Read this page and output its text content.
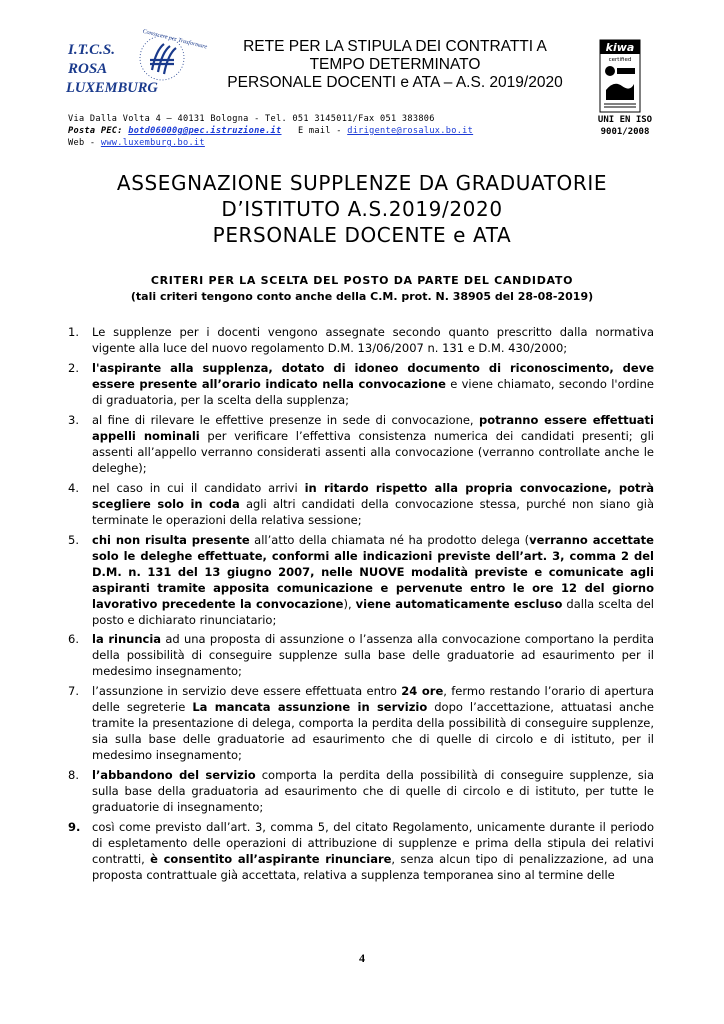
I.T.C.S.
ROSA
LUXEMBURG
Conoscere per Trasformare	RETE PER LA STIPULA DEI CONTRATTI A
TEMPO DETERMINATO
PERSONALE DOCENTI e ATA – A.S. 2019/2020
kiwa
certified
Via Dalla Volta 4 – 40131 Bologna - Tel. 051 3145011/Fax 051 383806
Posta PEC: botd06000g@pec.istruzione.it E mail - dirigente@rosalux.bo.it
Web - www.luxemburg.bo.it
UNI EN ISO
9001/2008
ASSEGNAZIONE SUPPLENZE DA GRADUATORIE
D’ISTITUTO A.S.2019/2020
PERSONALE DOCENTE e ATA
CRITERI PER LA SCELTA DEL POSTO DA PARTE DEL CANDIDATO
(tali criteri tengono conto anche della C.M. prot. N. 38905 del 28-08-2019)
1. Le supplenze per i docenti vengono assegnate secondo quanto prescritto dalla normativa vigente alla luce del nuovo regolamento D.M. 13/06/2007 n. 131 e D.M. 430/2000;
2. l'aspirante alla supplenza, dotato di idoneo documento di riconoscimento, deve essere presente all’orario indicato nella convocazione e viene chiamato, secondo l'ordine di graduatoria, per la scelta della supplenza;
3. al fine di rilevare le effettive presenze in sede di convocazione, potranno essere effettuati appelli nominali per verificare l’effettiva consistenza numerica dei candidati presenti; gli assenti all’appello verranno considerati assenti alla convocazione (verranno controllate anche le deleghe);
4. nel caso in cui il candidato arrivi in ritardo rispetto alla propria convocazione, potrà scegliere solo in coda agli altri candidati della convocazione stessa, purché non siano già terminate le operazioni della relativa sessione;
5. chi non risulta presente all’atto della chiamata né ha prodotto delega (verranno accettate solo le deleghe effettuate, conformi alle indicazioni previste dell’art. 3, comma 2 del D.M. n. 131 del 13 giugno 2007, nelle NUOVE modalità previste e comunicate agli aspiranti tramite apposita comunicazione e pervenute entro le ore 12 del giorno lavorativo precedente la convocazione), viene automaticamente escluso dalla scelta del posto e dichiarato rinunciatario;
6. la rinuncia ad una proposta di assunzione o l’assenza alla convocazione comportano la perdita della possibilità di conseguire supplenze sulla base delle graduatorie ad esaurimento per il medesimo insegnamento;
7. l’assunzione in servizio deve essere effettuata entro 24 ore, fermo restando l’orario di apertura delle segreterie La mancata assunzione in servizio dopo l’accettazione, attuatasi anche tramite la presentazione di delega, comporta la perdita della possibilità di conseguire supplenze, sia sulla base delle graduatorie ad esaurimento che di quelle di circolo e di istituto, per il medesimo insegnamento;
8. l’abbandono del servizio comporta la perdita della possibilità di conseguire supplenze, sia sulla base della graduatoria ad esaurimento che di quelle di circolo e di istituto, per tutte le graduatorie di insegnamento;
9. così come previsto dall’art. 3, comma 5, del citato Regolamento, unicamente durante il periodo di espletamento delle operazioni di attribuzione di supplenze e prima della stipula dei relativi contratti, è consentito all’aspirante rinunciare, senza alcun tipo di penalizzazione, ad una proposta contrattuale già accettata, relativa a supplenza temporanea sino al termine delle
4
